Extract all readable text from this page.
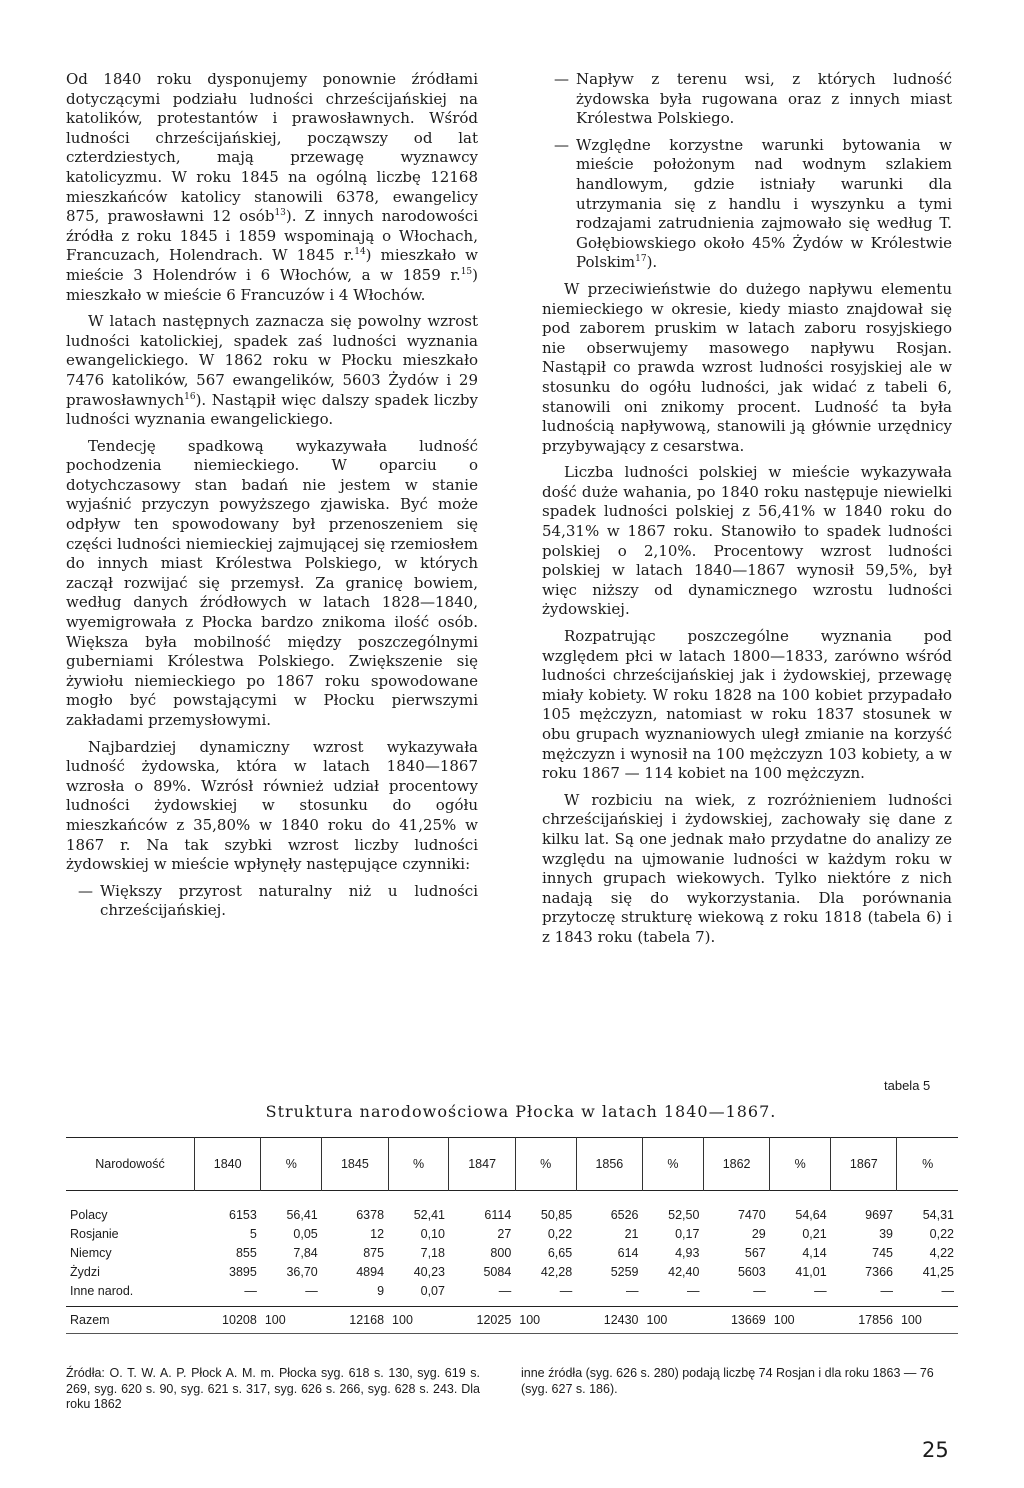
Od 1840 roku dysponujemy ponownie źródłami dotyczącymi podziału ludności chrześcijańskiej na katolików, protestantów i prawosławnych. Wśród ludności chrześcijańskiej, począwszy od lat czterdziestych, mają przewagę wyznawcy katolicyzmu. W roku 1845 na ogólną liczbę 12168 mieszkańców katolicy stanowili 6378, ewangelicy 875, prawosławni 12 osób$^{13}$). Z innych narodowości źródła z roku 1845 i 1859 wspominają o Włochach, Francuzach, Holendrach. W 1845 r.$^{14}$) mieszkało w mieście 3 Holendrów i 6 Włochów, a w 1859 r.$^{15}$) mieszkało w mieście 6 Francuzów i 4 Włochów.

W latach następnych zaznacza się powolny wzrost ludności katolickiej, spadek zaś ludności wyznania ewangelickiego. W 1862 roku w Płocku mieszkało 7476 katolików, 567 ewangelików, 5603 Żydów i 29 prawosławnych$^{16}$). Nastąpił więc dalszy spadek liczby ludności wyznania ewangelickiego.

Tendecję spadkową wykazywała ludność pochodzenia niemieckiego. W oparciu o dotychczasowy stan badań nie jestem w stanie wyjaśnić przyczyn powyższego zjawiska. Być może odpływ ten spowodowany był przenoszeniem się części ludności niemieckiej zajmującej się rzemiosłem do innych miast Królestwa Polskiego, w których zaczął rozwijać się przemysł. Za granicę bowiem, według danych źródłowych w latach 1828—1840, wyemigrowała z Płocka bardzo znikoma ilość osób. Większa była mobilność między poszczególnymi guberniami Królestwa Polskiego. Zwiększenie się żywiołu niemieckiego po 1867 roku spowodowane mogło być powstającymi w Płocku pierwszymi zakładami przemysłowymi.

Najbardziej dynamiczny wzrost wykazywała ludność żydowska, która w latach 1840—1867 wzrosła o 89%. Wzrósł również udział procentowy ludności żydowskiej w stosunku do ogółu mieszkańców z 35,80% w 1840 roku do 41,25% w 1867 r. Na tak szybki wzrost liczby ludności żydowskiej w mieście wpłynęły następujące czynniki:

— Większy przyrost naturalny niż u ludności chrześcijańskiej.

— Napływ z terenu wsi, z których ludność żydowska była rugowana oraz z innych miast Królestwa Polskiego.

— Względne korzystne warunki bytowania w mieście położonym nad wodnym szlakiem handlowym, gdzie istniały warunki dla utrzymania się z handlu i wyszynku a tymi rodzajami zatrudnienia zajmowało się według T. Gołębiowskiego około 45% Żydów w Królestwie Polskim$^{17}$).

W przeciwieństwie do dużego napływu elementu niemieckiego w okresie, kiedy miasto znajdował się pod zaborem pruskim w latach zaboru rosyjskiego nie obserwujemy masowego napływu Rosjan. Nastąpił co prawda wzrost ludności rosyjskiej ale w stosunku do ogółu ludności, jak widać z tabeli 6, stanowili oni znikomy procent. Ludność ta była ludnością napływową, stanowili ją głównie urzędnicy przybywający z cesarstwa.

Liczba ludności polskiej w mieście wykazywała dość duże wahania, po 1840 roku następuje niewielki spadek ludności polskiej z 56,41% w 1840 roku do 54,31% w 1867 roku. Stanowiło to spadek ludności polskiej o 2,10%. Procentowy wzrost ludności polskiej w latach 1840—1867 wynosił 59,5%, był więc niższy od dynamicznego wzrostu ludności żydowskiej.

Rozpatrując poszczególne wyznania pod względem płci w latach 1800—1833, zarówno wśród ludności chrześcijańskiej jak i żydowskiej, przewagę miały kobiety. W roku 1828 na 100 kobiet przypadało 105 mężczyzn, natomiast w roku 1837 stosunek w obu grupach wyznaniowych uległ zmianie na korzyść mężczyzn i wynosił na 100 mężczyzn 103 kobiety, a w roku 1867 — 114 kobiet na 100 mężczyzn.

W rozbiciu na wiek, z rozróżnieniem ludności chrześcijańskiej i żydowskiej, zachowały się dane z kilku lat. Są one jednak mało przydatne do analizy ze względu na ujmowanie ludności w każdym roku w innych grupach wiekowych. Tylko niektóre z nich nadają się do wykorzystania. Dla porównania przytoczę strukturę wiekową z roku 1818 (tabela 6) i z 1843 roku (tabela 7).

tabela 5
Struktura narodowościowa Płocka w latach 1840—1867.
Narodowość	1840	%	1845	%	1847	%	1856	%	1862	%	1867	%
Polacy	6153	56,41	6378	52,41	6114	50,85	6526	52,50	7470	54,64	9697	54,31
Rosjanie	5	0,05	12	0,10	27	0,22	21	0,17	29	0,21	39	0,22
Niemcy	855	7,84	875	7,18	800	6,65	614	4,93	567	4,14	745	4,22
Żydzi	3895	36,70	4894	40,23	5084	42,28	5259	42,40	5603	41,01	7366	41,25
Inne narod.	—	—	9	0,07	—	—	—	—	—	—	—	—
Razem	10208	100	12168	100	12025	100	12430	100	13669	100	17856	100
Źródła: O. T. W. A. P. Płock A. M. m. Płocka syg. 618 s. 130, syg. 619 s. 269, syg. 620 s. 90, syg. 621 s. 317, syg. 626 s. 266, syg. 628 s. 243. Dla roku 1862
inne źródła (syg. 626 s. 280) podają liczbę 74 Rosjan i dla roku 1863 — 76 (syg. 627 s. 186).
25
